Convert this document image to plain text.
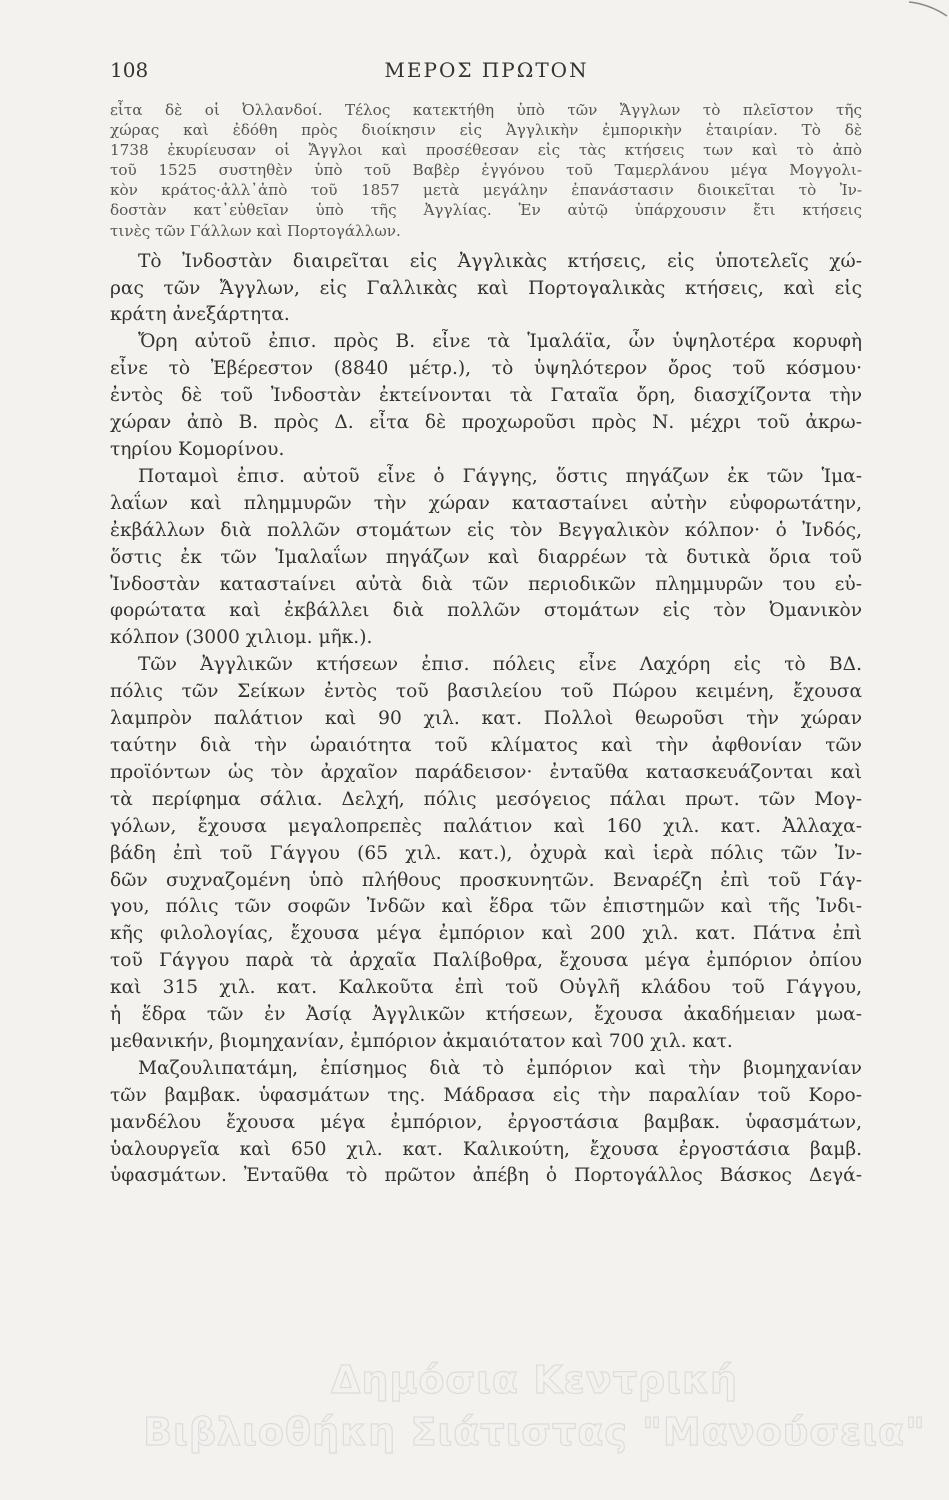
108	ΜΕΡΟΣ ΠΡΩΤΟΝ
εἶτα δὲ οἱ Ὀλλανδοί. Τέλος κατεκτήθη ὑπὸ τῶν Ἄγγλων τὸ πλεῖστον τῆς
χώρας καὶ ἐδόθη πρὸς διοίκησιν εἰς Ἀγγλικὴν ἐμπορικὴν ἑταιρίαν. Τὸ δὲ
1738 ἐκυρίευσαν οἱ Ἄγγλοι καὶ προσέθεσαν εἰς τὰς κτήσεις των καὶ τὸ ἀπὸ
τοῦ 1525 συστηθὲν ὑπὸ τοῦ Βαβὲρ ἐγγόνου τοῦ Ταμερλάνου μέγα Μογγολι-
κὸν κράτος·ἀλλ᾽ἀπὸ τοῦ 1857 μετὰ μεγάλην ἐπανάστασιν διοικεῖται τὸ Ἰν-
δοστὰν κατ᾽εὐθεῖαν ὑπὸ τῆς Ἀγγλίας. Ἐν αὐτῷ ὑπάρχουσιν ἔτι κτήσεις
τινὲς τῶν Γάλλων καὶ Πορτογάλλων.

Τὸ Ἰνδοστὰν διαιρεῖται εἰς Ἀγγλικὰς κτήσεις, εἰς ὑποτελεῖς χώ-
ρας τῶν Ἄγγλων, εἰς Γαλλικὰς καὶ Πορτογαλικὰς κτήσεις, καὶ εἰς
κράτη ἀνεξάρτητα.

Ὄρη αὐτοῦ ἐπισ. πρὸς Β. εἶνε τὰ Ἱμαλάϊα, ὧν ὑψηλοτέρα κορυφὴ
εἶνε τὸ Ἐβέρεστον (8840 μέτρ.), τὸ ὑψηλότερον ὄρος τοῦ κόσμου·
ἐντὸς δὲ τοῦ Ἰνδοστὰν ἐκτείνονται τὰ Γαταῖα ὄρη, διασχίζοντα τὴν
χώραν ἀπὸ Β. πρὸς Δ. εἶτα δὲ προχωροῦσι πρὸς Ν. μέχρι τοῦ ἀκρω-
τηρίου Κομορίνου.

Ποταμοὶ ἐπισ. αὐτοῦ εἶνε ὁ Γάγγης, ὅστις πηγάζων ἐκ τῶν Ἱμα-
λαΐων καὶ πλημμυρῶν τὴν χώραν καταστaίνει αὐτὴν εὐφορωτάτην,
ἐκβάλλων διὰ πολλῶν στομάτων εἰς τὸν Βεγγαλικὸν κόλπον· ὁ Ἰνδός,
ὅστις ἐκ τῶν Ἱμαλαΐων πηγάζων καὶ διαρρέων τὰ δυτικὰ ὅρια τοῦ
Ἰνδοστὰν καταστaίνει αὐτὰ διὰ τῶν περιοδικῶν πλημμυρῶν του εὐ-
φορώτατα καὶ ἐκβάλλει διὰ πολλῶν στομάτων εἰς τὸν Ὀμανικὸν
κόλπον (3000 χιλιομ. μῆκ.).

Τῶν Ἀγγλικῶν κτήσεων ἐπισ. πόλεις εἶνε Λαχόρη εἰς τὸ ΒΔ.
πόλις τῶν Σείκων ἐντὸς τοῦ βασιλείου τοῦ Πώρου κειμένη, ἔχουσα
λαμπρὸν παλάτιον καὶ 90 χιλ. κατ. Πολλοὶ θεωροῦσι τὴν χώραν
ταύτην διὰ τὴν ὡραιότητα τοῦ κλίματος καὶ τὴν ἀφθονίαν τῶν
προϊόντων ὡς τὸν ἀρχαῖον παράδεισον· ἐνταῦθα κατασκευάζονται καὶ
τὰ περίφημα σάλια. Δελχή, πόλις μεσόγειος πάλαι πρωτ. τῶν Μογ-
γόλων, ἔχουσα μεγαλοπρεπὲς παλάτιον καὶ 160 χιλ. κατ. Ἀλλαχα-
βάδη ἐπὶ τοῦ Γάγγου (65 χιλ. κατ.), ὀχυρὰ καὶ ἱερὰ πόλις τῶν Ἰν-
δῶν συχναζομένη ὑπὸ πλήθους προσκυνητῶν. Βεναρέζη ἐπὶ τοῦ Γάγ-
γου, πόλις τῶν σοφῶν Ἰνδῶν καὶ ἕδρα τῶν ἐπιστημῶν καὶ τῆς Ἰνδι-
κῆς φιλολογίας, ἔχουσα μέγα ἐμπόριον καὶ 200 χιλ. κατ. Πάτνα ἐπὶ
τοῦ Γάγγου παρὰ τὰ ἀρχαῖα Παλίβοθρα, ἔχουσα μέγα ἐμπόριον ὀπίου
καὶ 315 χιλ. κατ. Καλκοῦτα ἐπὶ τοῦ Οὐγλῆ κλάδου τοῦ Γάγγου,
ἡ ἕδρα τῶν ἐν Ἀσίᾳ Ἀγγλικῶν κτήσεων, ἔχουσα ἀκαδήμειαν μωα-
μεθανικήν, βιομηχανίαν, ἐμπόριον ἀκμαιότατον καὶ 700 χιλ. κατ.

Μαζουλιπατάμη, ἐπίσημος διὰ τὸ ἐμπόριον καὶ τὴν βιομηχανίαν
τῶν βαμβακ. ὑφασμάτων της. Μάδρασα εἰς τὴν παραλίαν τοῦ Κορο-
μανδέλου ἔχουσα μέγα ἐμπόριον, ἐργοστάσια βαμβακ. ὑφασμάτων,
ὑαλουργεῖα καὶ 650 χιλ. κατ. Καλικούτη, ἔχουσα ἐργοστάσια βαμβ.
ὑφασμάτων. Ἐνταῦθα τὸ πρῶτον ἀπέβη ὁ Πορτογάλλος Βάσκος Δεγά-

Δημόσια Κεντρική
Βιβλιοθήκη Σιάτιστας "Μανούσεια"
